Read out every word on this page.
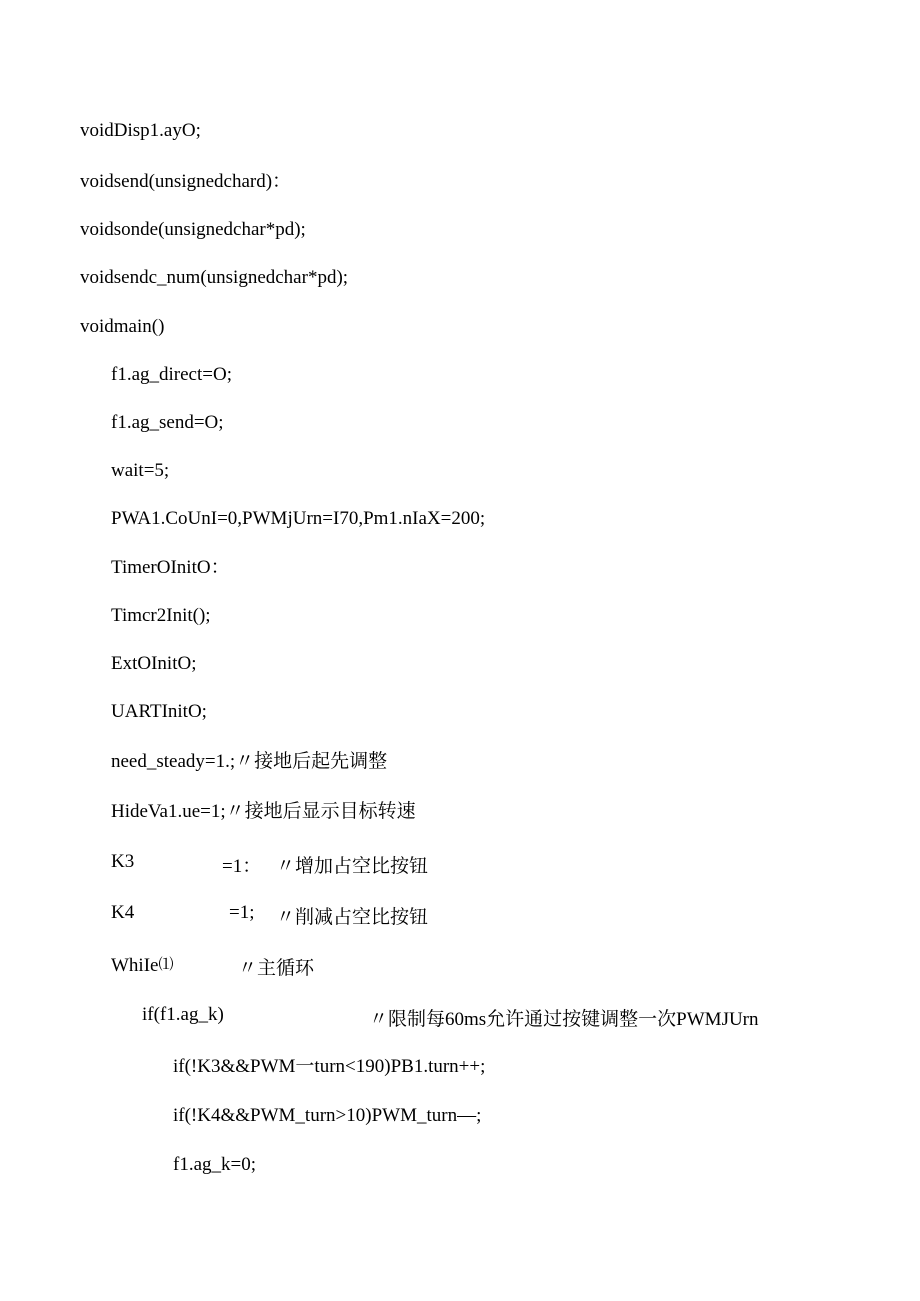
voidDisp1.ayO;
voidsend(unsignedchard)：
voidsonde(unsignedchar*pd);
voidsendc_num(unsignedchar*pd);
voidmain()
f1.ag_direct=O;
f1.ag_send=O;
wait=5;
PWA1.CoUnI=0,PWMjUrn=I70,Pm1.nIaX=200;
TimerOInitO：
Timcr2Init();
ExtOInitO;
UARTInitO;
need_steady=1.;〃接地后起先调整
HideVa1.ue=1;〃接地后显示目标转速
K3	=1： 〃增加占空比按钮
K4	=1; 〃削减占空比按钮
WhiIe⑴	〃主循环
if(f1.ag_k)	〃限制每60ms允许通过按键调整一次PWMJUrn
if(!K3&&PWM一turn<190)PB1.turn++;
if(!K4&&PWM_turn>10)PWM_turn—;
f1.ag_k=0;
